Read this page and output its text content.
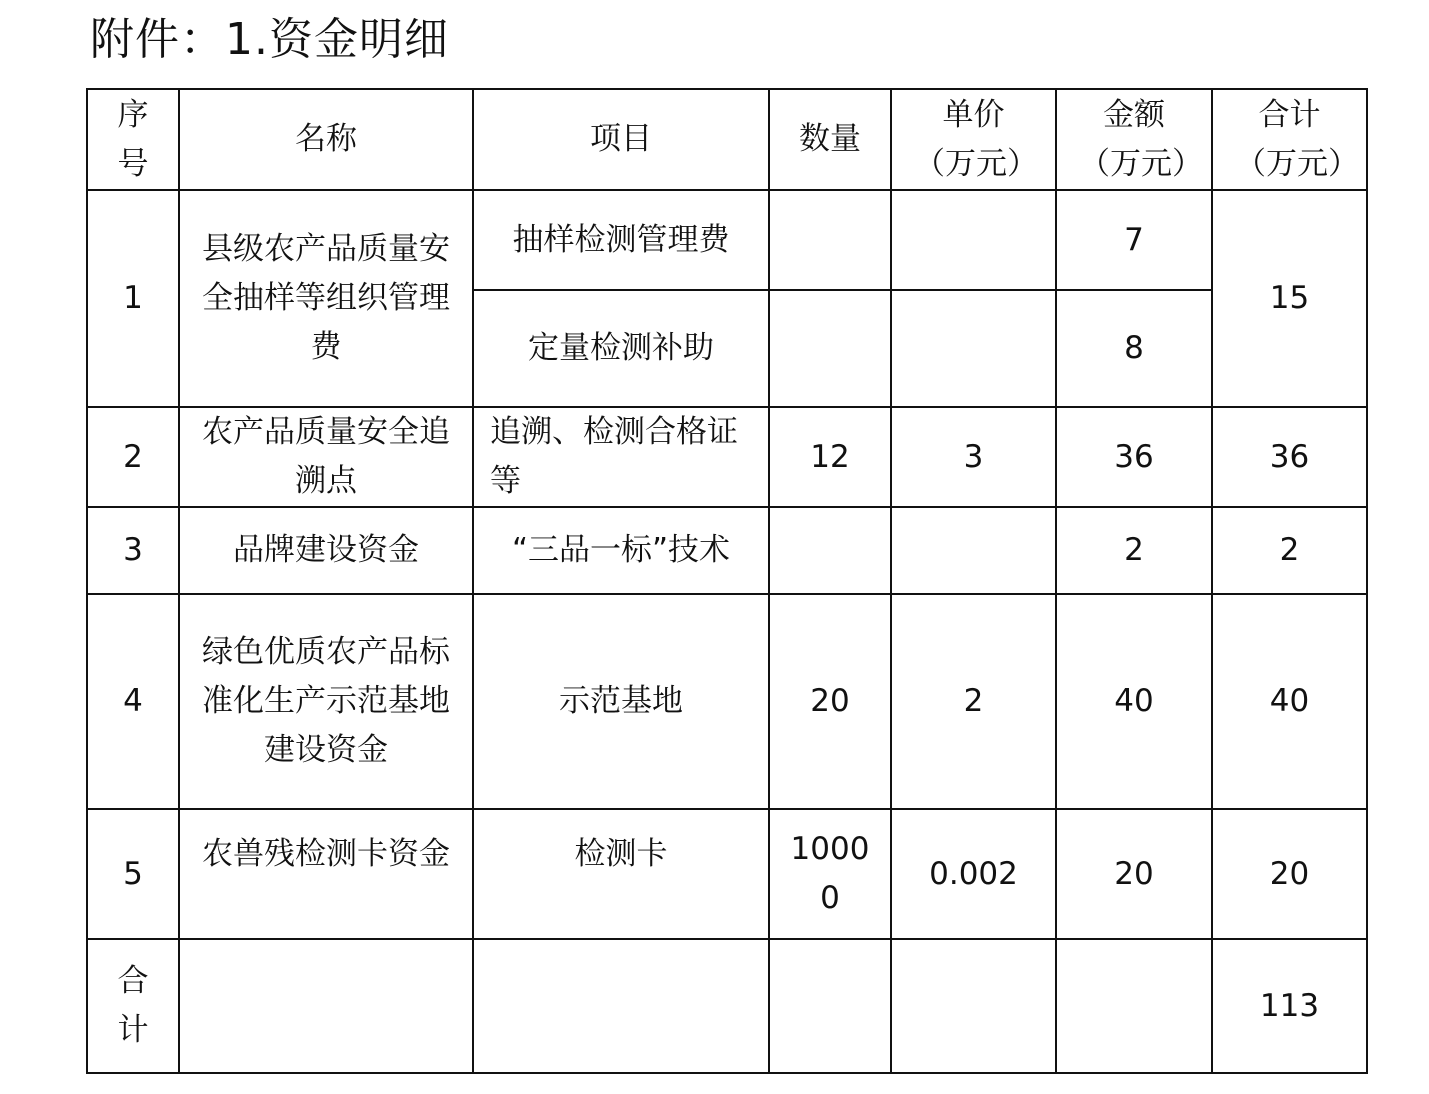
附件：1.资金明细
序号	名称	项目	数量	单价（万元）	金额（万元）	合计（万元）
1	县级农产品质量安全抽样等组织管理费	抽样检测管理费			7	15
		定量检测补助			8	
2	农产品质量安全追溯点	追溯、检测合格证等	12	3	36	36
3	品牌建设资金	“三品一标”技术			2	2
4	绿色优质农产品标准化生产示范基地建设资金	示范基地	20	2	40	40
5	农兽残检测卡资金	检测卡	10000	0.002	20	20
合计						113
